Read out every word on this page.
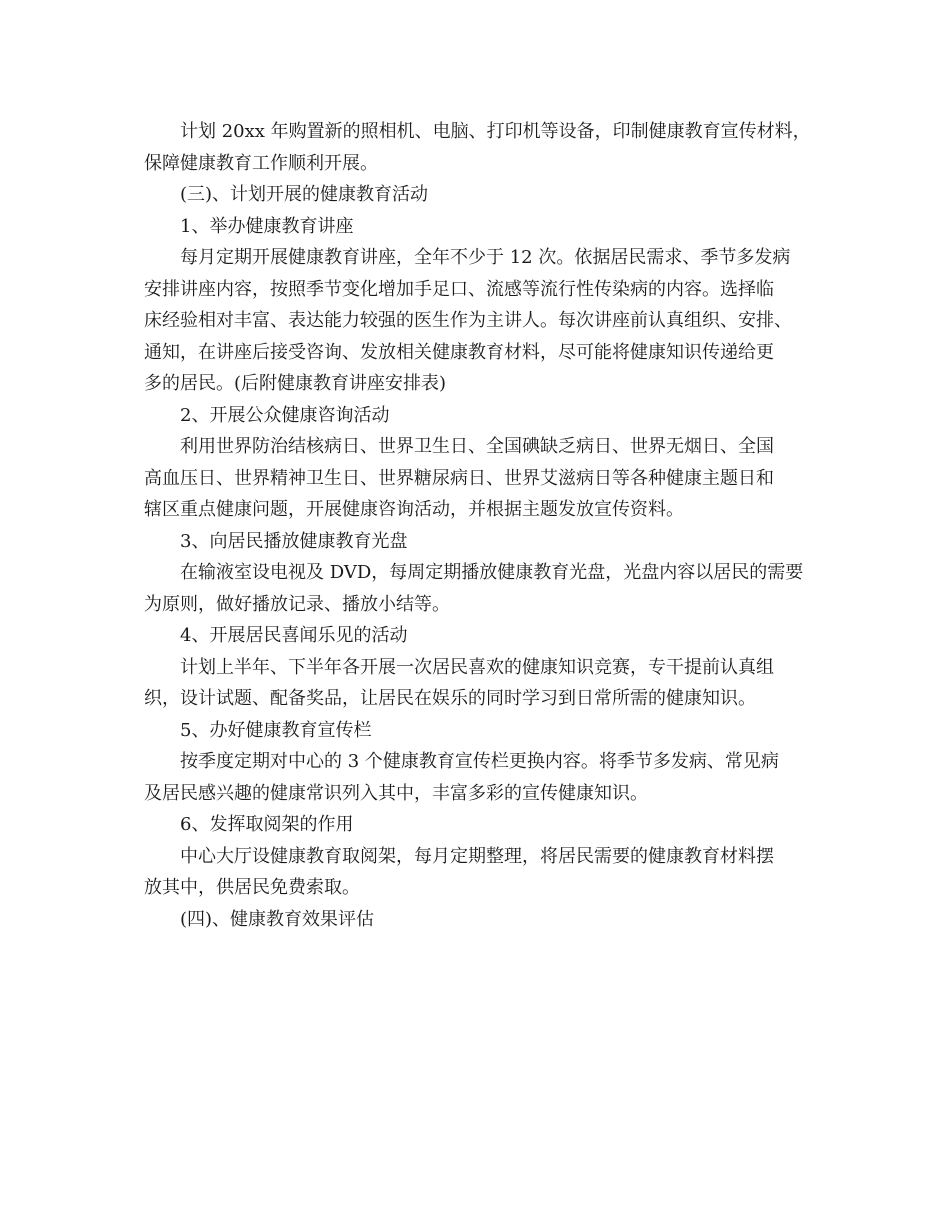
计划 20xx 年购置新的照相机、电脑、打印机等设备，印制健康教育宣传材料，

保障健康教育工作顺利开展。

(三)、计划开展的健康教育活动

1、举办健康教育讲座

每月定期开展健康教育讲座，全年不少于 12 次。依据居民需求、季节多发病

安排讲座内容，按照季节变化增加手足口、流感等流行性传染病的内容。选择临

床经验相对丰富、表达能力较强的医生作为主讲人。每次讲座前认真组织、安排、

通知，在讲座后接受咨询、发放相关健康教育材料，尽可能将健康知识传递给更

多的居民。(后附健康教育讲座安排表)

2、开展公众健康咨询活动

利用世界防治结核病日、世界卫生日、全国碘缺乏病日、世界无烟日、全国

高血压日、世界精神卫生日、世界糖尿病日、世界艾滋病日等各种健康主题日和

辖区重点健康问题，开展健康咨询活动，并根据主题发放宣传资料。

3、向居民播放健康教育光盘

在输液室设电视及 DVD，每周定期播放健康教育光盘，光盘内容以居民的需要

为原则，做好播放记录、播放小结等。

4、开展居民喜闻乐见的活动

计划上半年、下半年各开展一次居民喜欢的健康知识竞赛，专干提前认真组

织，设计试题、配备奖品，让居民在娱乐的同时学习到日常所需的健康知识。

5、办好健康教育宣传栏

按季度定期对中心的 3 个健康教育宣传栏更换内容。将季节多发病、常见病

及居民感兴趣的健康常识列入其中，丰富多彩的宣传健康知识。

6、发挥取阅架的作用

中心大厅设健康教育取阅架，每月定期整理，将居民需要的健康教育材料摆

放其中，供居民免费索取。

(四)、健康教育效果评估
